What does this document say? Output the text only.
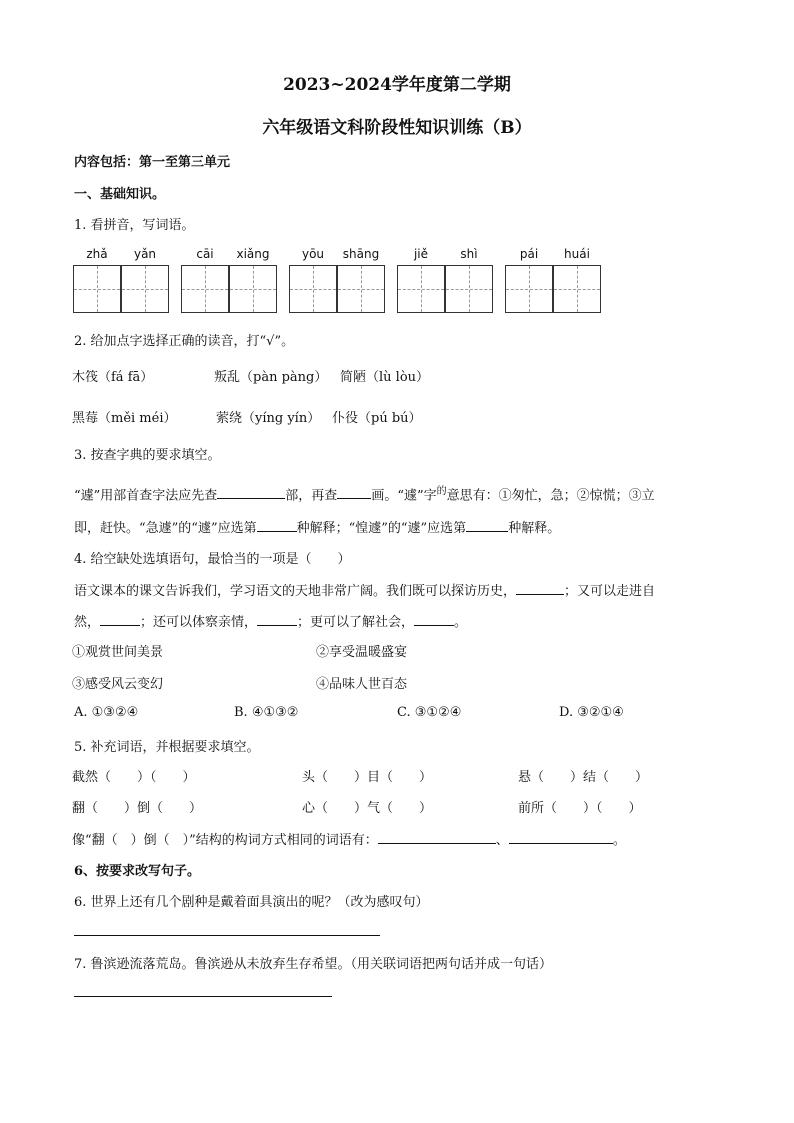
2023~2024学年度第二学期
六年级语文科阶段性知识训练（B）
内容包括：第一至第三单元
一、基础知识。
1. 看拼音，写词语。
zhǎ	yǎn	cāi	xiǎng	yōu	shāng	jiě	shì	pái	huái
2. 给加点字选择正确的读音，打“√”。
木筏（fá fā）	叛乱（pàn pàng） 简陋（lù lòu）
黑莓（měi méi）	萦绕（yíng yín） 仆役（pú bú）
3. 按查字典的要求填空。
“遽”用部首查字法应先查	部，再查	画。“遽”字$^的$意思有：①匆忙，急；②惊慌；③立
即，赶快。“急遽”的“遽”应选第	种解释；“惶遽”的“遽”应选第	种解释。
4. 给空缺处选填语句，最恰当的一项是（　　）
语文课本的课文告诉我们，学习语文的天地非常广阔。我们既可以探访历史，	；又可以走进自
然，	；还可以体察亲情，	；更可以了解社会，	。
①观赏世间美景	②享受温暖盛宴
③感受风云变幻	④品味人世百态
A. ①③②④	B. ④①③②	C. ③①②④	D. ③②①④
5. 补充词语，并根据要求填空。
截然（　　）（　　）	头（　　）目（　　）	悬（　　）结（　　）
翻（　　）倒（　　）	心（　　）气（　　）	前所（　　）（　　）
像“翻（　）倒（　）”结构的构词方式相同的词语有：	、	。
6、按要求改写句子。
6. 世界上还有几个剧种是戴着面具演出的呢？（改为感叹句）
7. 鲁滨逊流落荒岛。鲁滨逊从未放弃生存希望。（用关联词语把两句话并成一句话）
